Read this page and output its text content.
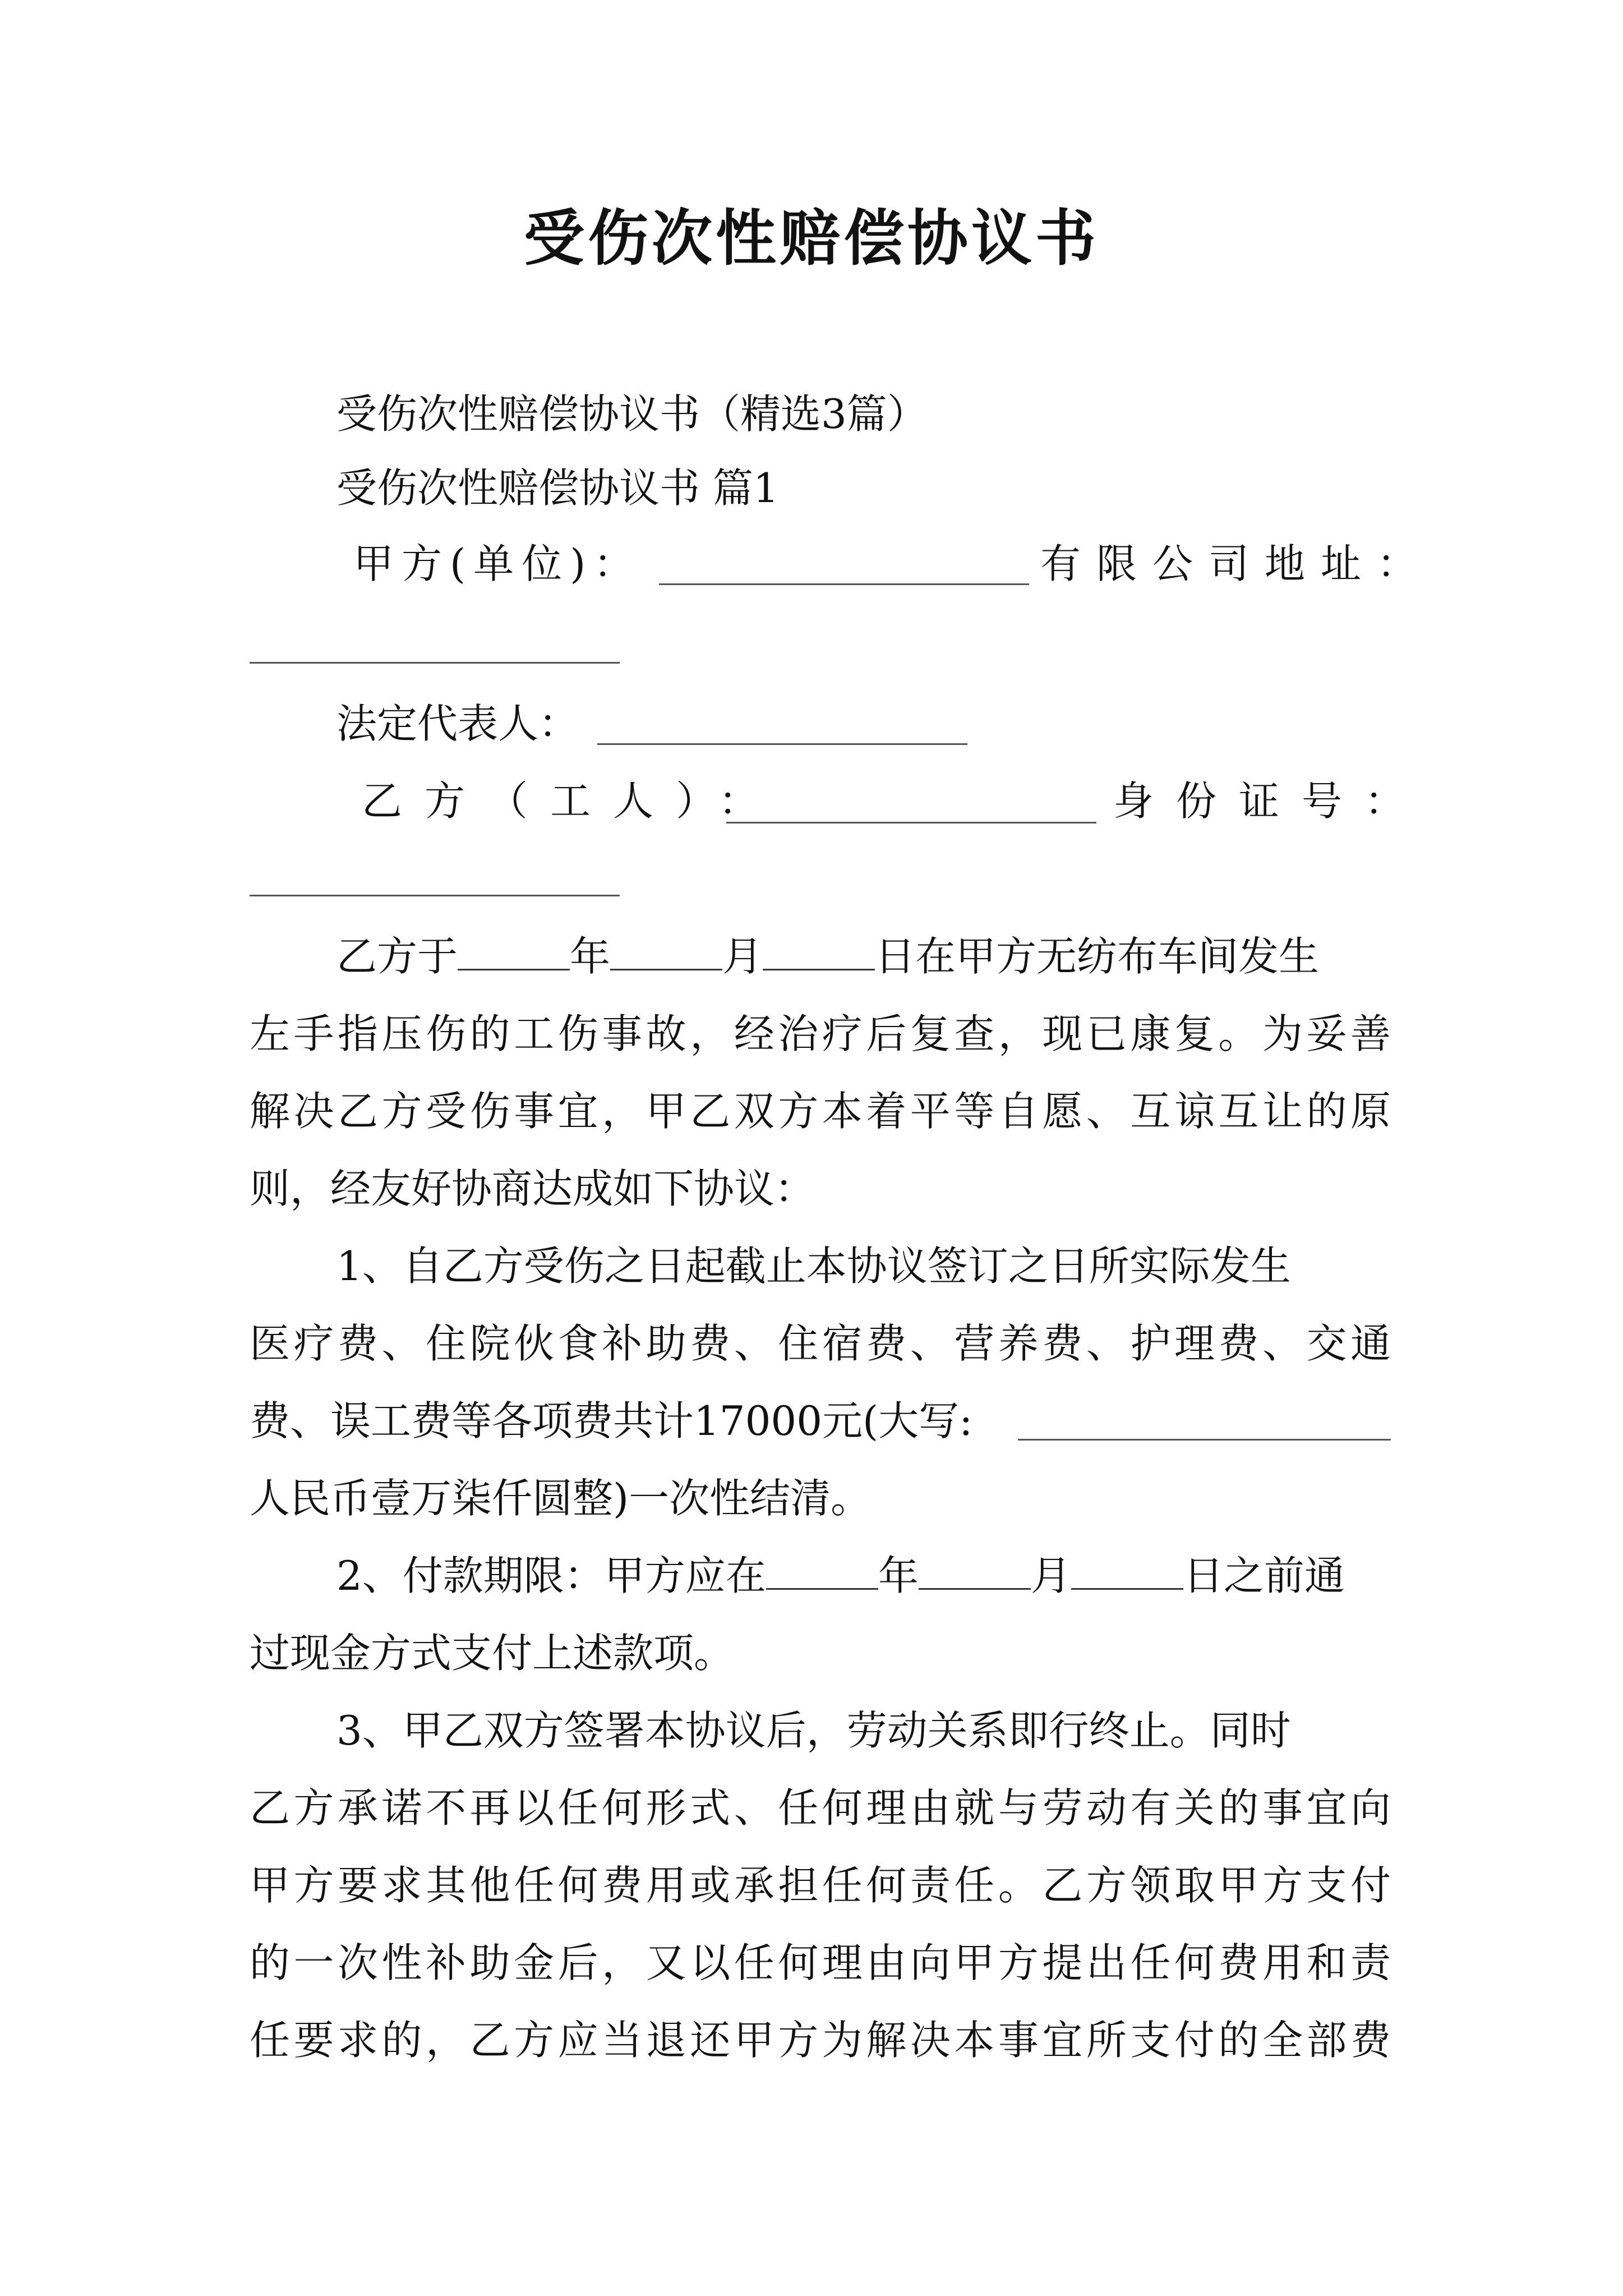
受伤次性赔偿协议书
受伤次性赔偿协议书（精选3篇）
受伤次性赔偿协议书 篇1
甲方(单位)：	有限公司地址：
法定代表人：
乙方（工人）：	身份证号：
乙方于	年	月	日在甲方无纺布车间发生
左手指压伤的工伤事故，经治疗后复查，现已康复。为妥善
解决乙方受伤事宜，甲乙双方本着平等自愿、互谅互让的原
则，经友好协商达成如下协议：
1、自乙方受伤之日起截止本协议签订之日所实际发生
医疗费、住院伙食补助费、住宿费、营养费、护理费、交通
费、误工费等各项费共计17000元(大写:
人民币壹万柒仟圆整)一次性结清。
2、付款期限：甲方应在	年	月	日之前通
过现金方式支付上述款项。
3、甲乙双方签署本协议后，劳动关系即行终止。同时
乙方承诺不再以任何形式、任何理由就与劳动有关的事宜向
甲方要求其他任何费用或承担任何责任。乙方领取甲方支付
的一次性补助金后，又以任何理由向甲方提出任何费用和责
任要求的，乙方应当退还甲方为解决本事宜所支付的全部费
